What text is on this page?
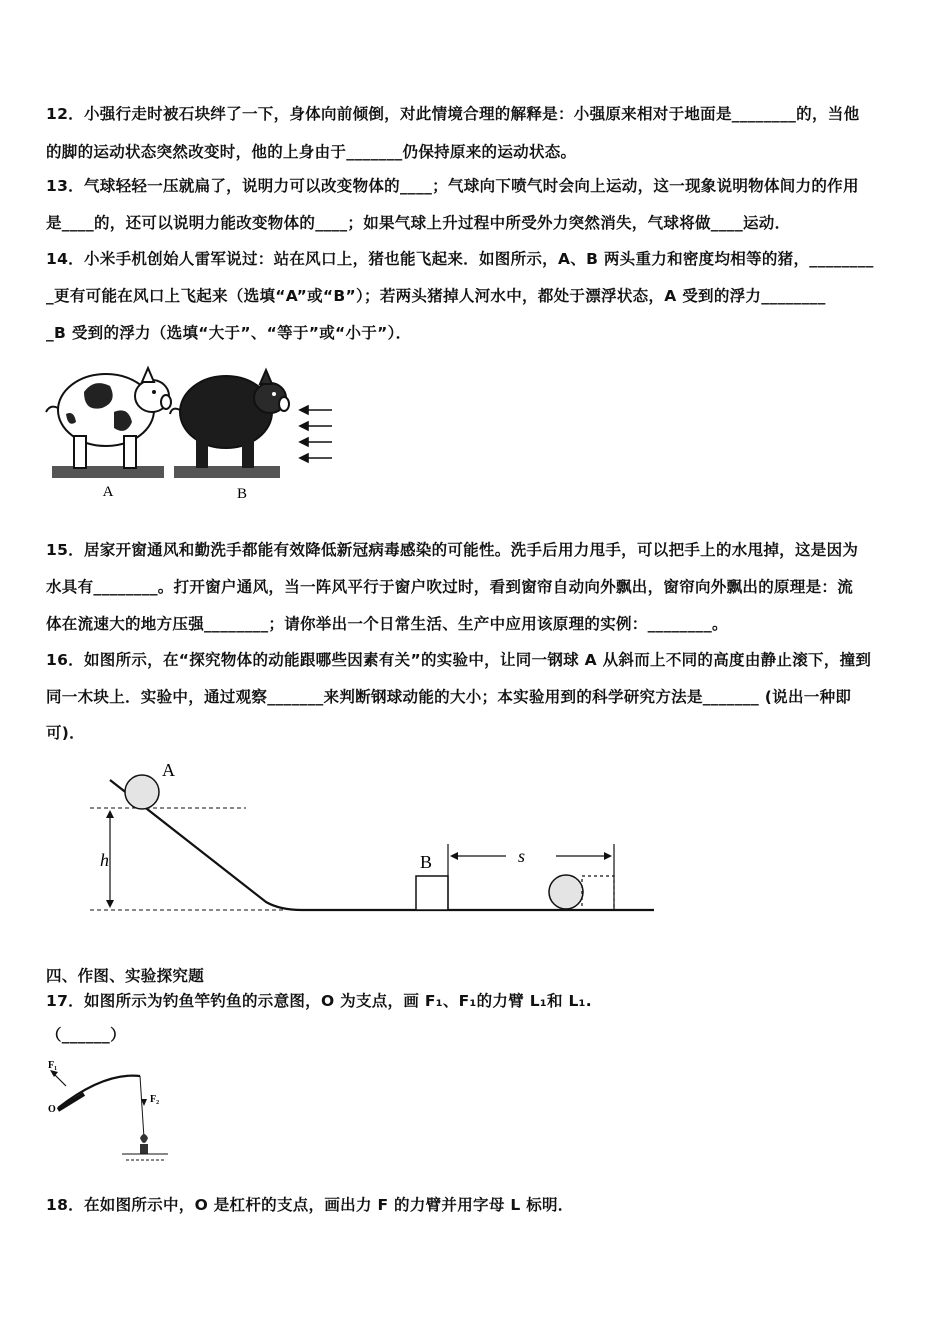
12．小强行走时被石块绊了一下，身体向前倾倒，对此情境合理的解释是：小强原来相对于地面是________的，当他
的脚的运动状态突然改变时，他的上身由于_______仍保持原来的运动状态。
13．气球轻轻一压就扁了，说明力可以改变物体的____；气球向下喷气时会向上运动，这一现象说明物体间力的作用
是____的，还可以说明力能改变物体的____；如果气球上升过程中所受外力突然消失，气球将做____运动．
14．小米手机创始人雷军说过：站在风口上，猪也能飞起来．如图所示，A、B 两头重力和密度均相等的猪，________
_更有可能在风口上飞起来（选填“A”或“B”）；若两头猪掉人河水中，都处于漂浮状态，A 受到的浮力________
_B 受到的浮力（选填“大于”、“等于”或“小于”）．
A	B
15．居家开窗通风和勤洗手都能有效降低新冠病毒感染的可能性。洗手后用力甩手，可以把手上的水甩掉，这是因为
水具有________。打开窗户通风，当一阵风平行于窗户吹过时，看到窗帘自动向外飘出，窗帘向外飘出的原理是：流
体在流速大的地方压强________；请你举出一个日常生活、生产中应用该原理的实例：________。
16．如图所示，在“探究物体的动能跟哪些因素有关”的实验中，让同一钢球 A 从斜而上不同的高度由静止滚下，撞到
同一木块上．实验中，通过观察_______来判断钢球动能的大小；本实验用到的科学研究方法是_______ (说出一种即
可)．
h
A
B	s
四、作图、实验探究题
17．如图所示为钓鱼竿钓鱼的示意图，O 为支点，画 F₁、F₁的力臂 L₁和 L₁.
（______）
F₁
O
F₂
18．在如图所示中，O 是杠杆的支点，画出力 F 的力臂并用字母 L 标明．
